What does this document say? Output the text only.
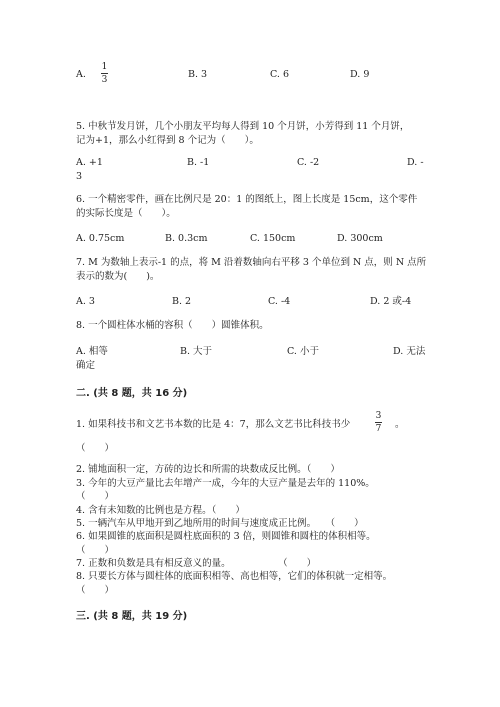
A.
1
3	B. 3	C. 6	D. 9
5. 中秋节发月饼，几个小朋友平均每人得到 10 个月饼，小芳得到 11 个月饼，
记为+1，那么小红得到 8 个记为（　　）。
A. +1	B. -1	C. -2	D. -
3
6. 一个精密零件，画在比例尺是 20：1 的图纸上，图上长度是 15cm，这个零件
的实际长度是（　　）。
A. 0.75cm	B. 0.3cm	C. 150cm	D. 300cm
7. M 为数轴上表示-1 的点，将 M 沿着数轴向右平移 3 个单位到 N 点，则 N 点所
表示的数为(　　)。
A. 3	B. 2	C. -4	D. 2 或-4
8. 一个圆柱体水桶的容积（　　）圆锥体积。
A. 相等	B. 大于	C. 小于	D. 无法
确定
二. (共 8 题，共 16 分)
1. 如果科技书和文艺书本数的比是 4：7，那么文艺书比科技书少
3
7 。
（　　）
2. 铺地面积一定，方砖的边长和所需的块数成反比例。（　　）
3. 今年的大豆产量比去年增产一成，今年的大豆产量是去年的 110%。
（　　）
4. 含有未知数的比例也是方程。（　　）
5. 一辆汽车从甲地开到乙地所用的时间与速度成正比例。　　（　　）
6. 如果圆锥的底面积是圆柱底面积的 3 倍，则圆锥和圆柱的体积相等。
（　　）
7. 正数和负数是具有相反意义的量。　　　　　　（　　）
8. 只要长方体与圆柱体的底面积相等、高也相等，它们的体积就一定相等。
（　　）
三. (共 8 题，共 19 分)
